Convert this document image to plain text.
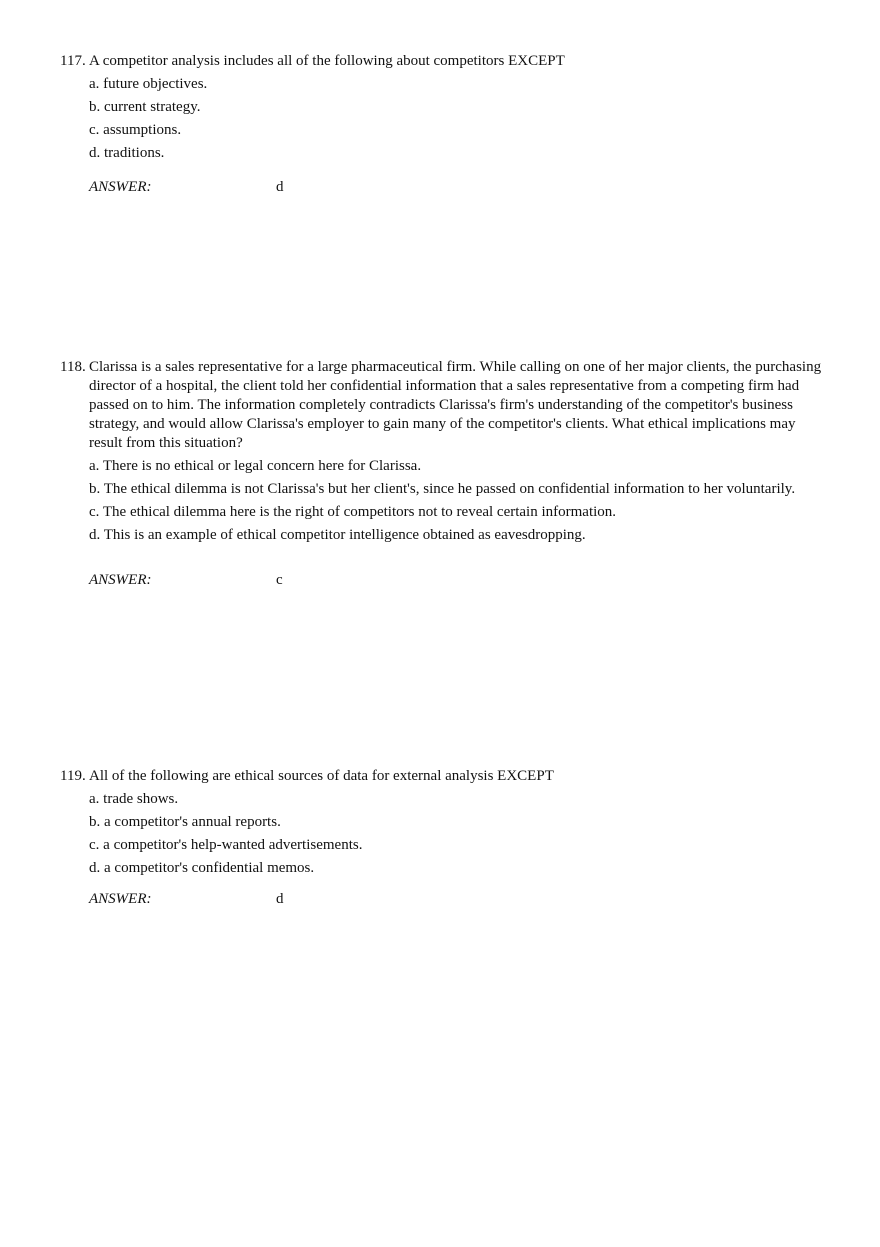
117. A competitor analysis includes all of the following about competitors EXCEPT
a. future objectives.
b. current strategy.
c. assumptions.
d. traditions.
ANSWER:	d
118. Clarissa is a sales representative for a large pharmaceutical firm. While calling on one of her major clients, the purchasing director of a hospital, the client told her confidential information that a sales representative from a competing firm had passed on to him. The information completely contradicts Clarissa's firm's understanding of the competitor's business strategy, and would allow Clarissa's employer to gain many of the competitor's clients. What ethical implications may result from this situation?
a. There is no ethical or legal concern here for Clarissa.
b. The ethical dilemma is not Clarissa's but her client's, since he passed on confidential information to her voluntarily.
c. The ethical dilemma here is the right of competitors not to reveal certain information.
d. This is an example of ethical competitor intelligence obtained as eavesdropping.
ANSWER:	c
119. All of the following are ethical sources of data for external analysis EXCEPT
a. trade shows.
b. a competitor's annual reports.
c. a competitor's help-wanted advertisements.
d. a competitor's confidential memos.
ANSWER:	d
